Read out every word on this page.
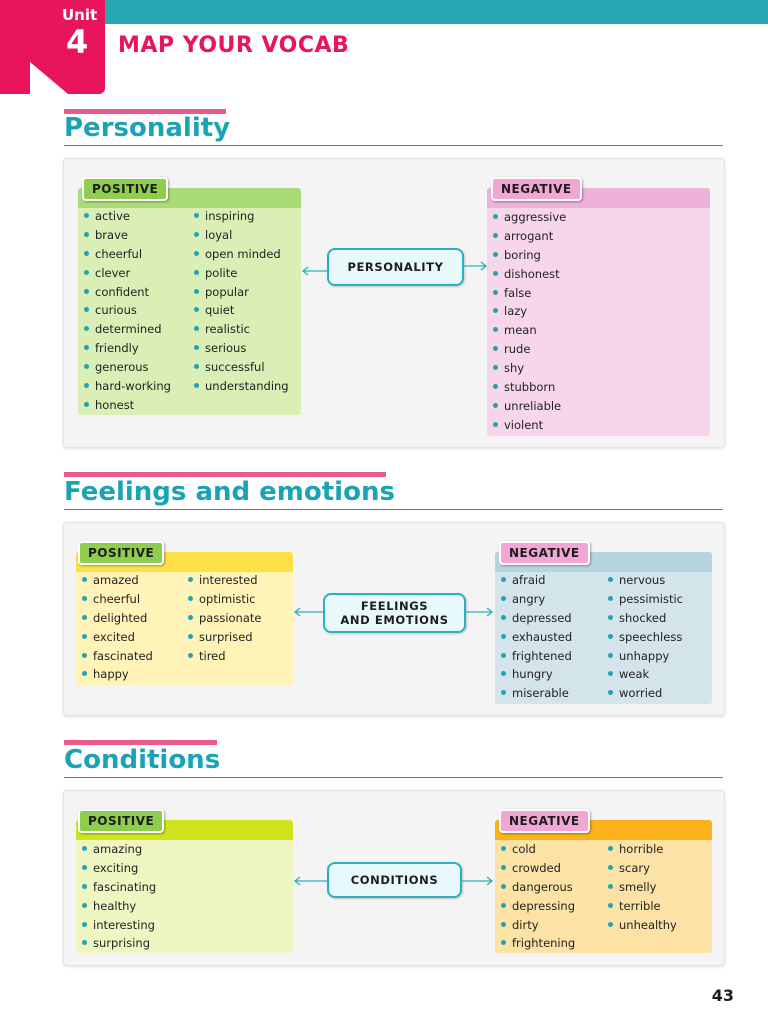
Unit
4 MAP YOUR VOCAB
Personality
active
brave
cheerful
clever
confident
curious
determined
friendly
generous
hard-working
honest
inspiring
loyal
open minded
polite
popular
quiet
realistic
serious
successful
understanding
POSITIVE
PERSONALITY
aggressive
arrogant
boring
dishonest
false
lazy
mean
rude
shy
stubborn
unreliable
violent
NEGATIVE
Feelings and emotions
amazed
cheerful
delighted
excited
fascinated
happy
interested
optimistic
passionate
surprised
tired
POSITIVE
FEELINGS
AND EMOTIONS
afraid
angry
depressed
exhausted
frightened
hungry
miserable
nervous
pessimistic
shocked
speechless
unhappy
weak
worried
NEGATIVE
Conditions
amazing
exciting
fascinating
healthy
interesting
surprising
POSITIVE
CONDITIONS
cold
crowded
dangerous
depressing
dirty
frightening
horrible
scary
smelly
terrible
unhealthy
NEGATIVE
43
